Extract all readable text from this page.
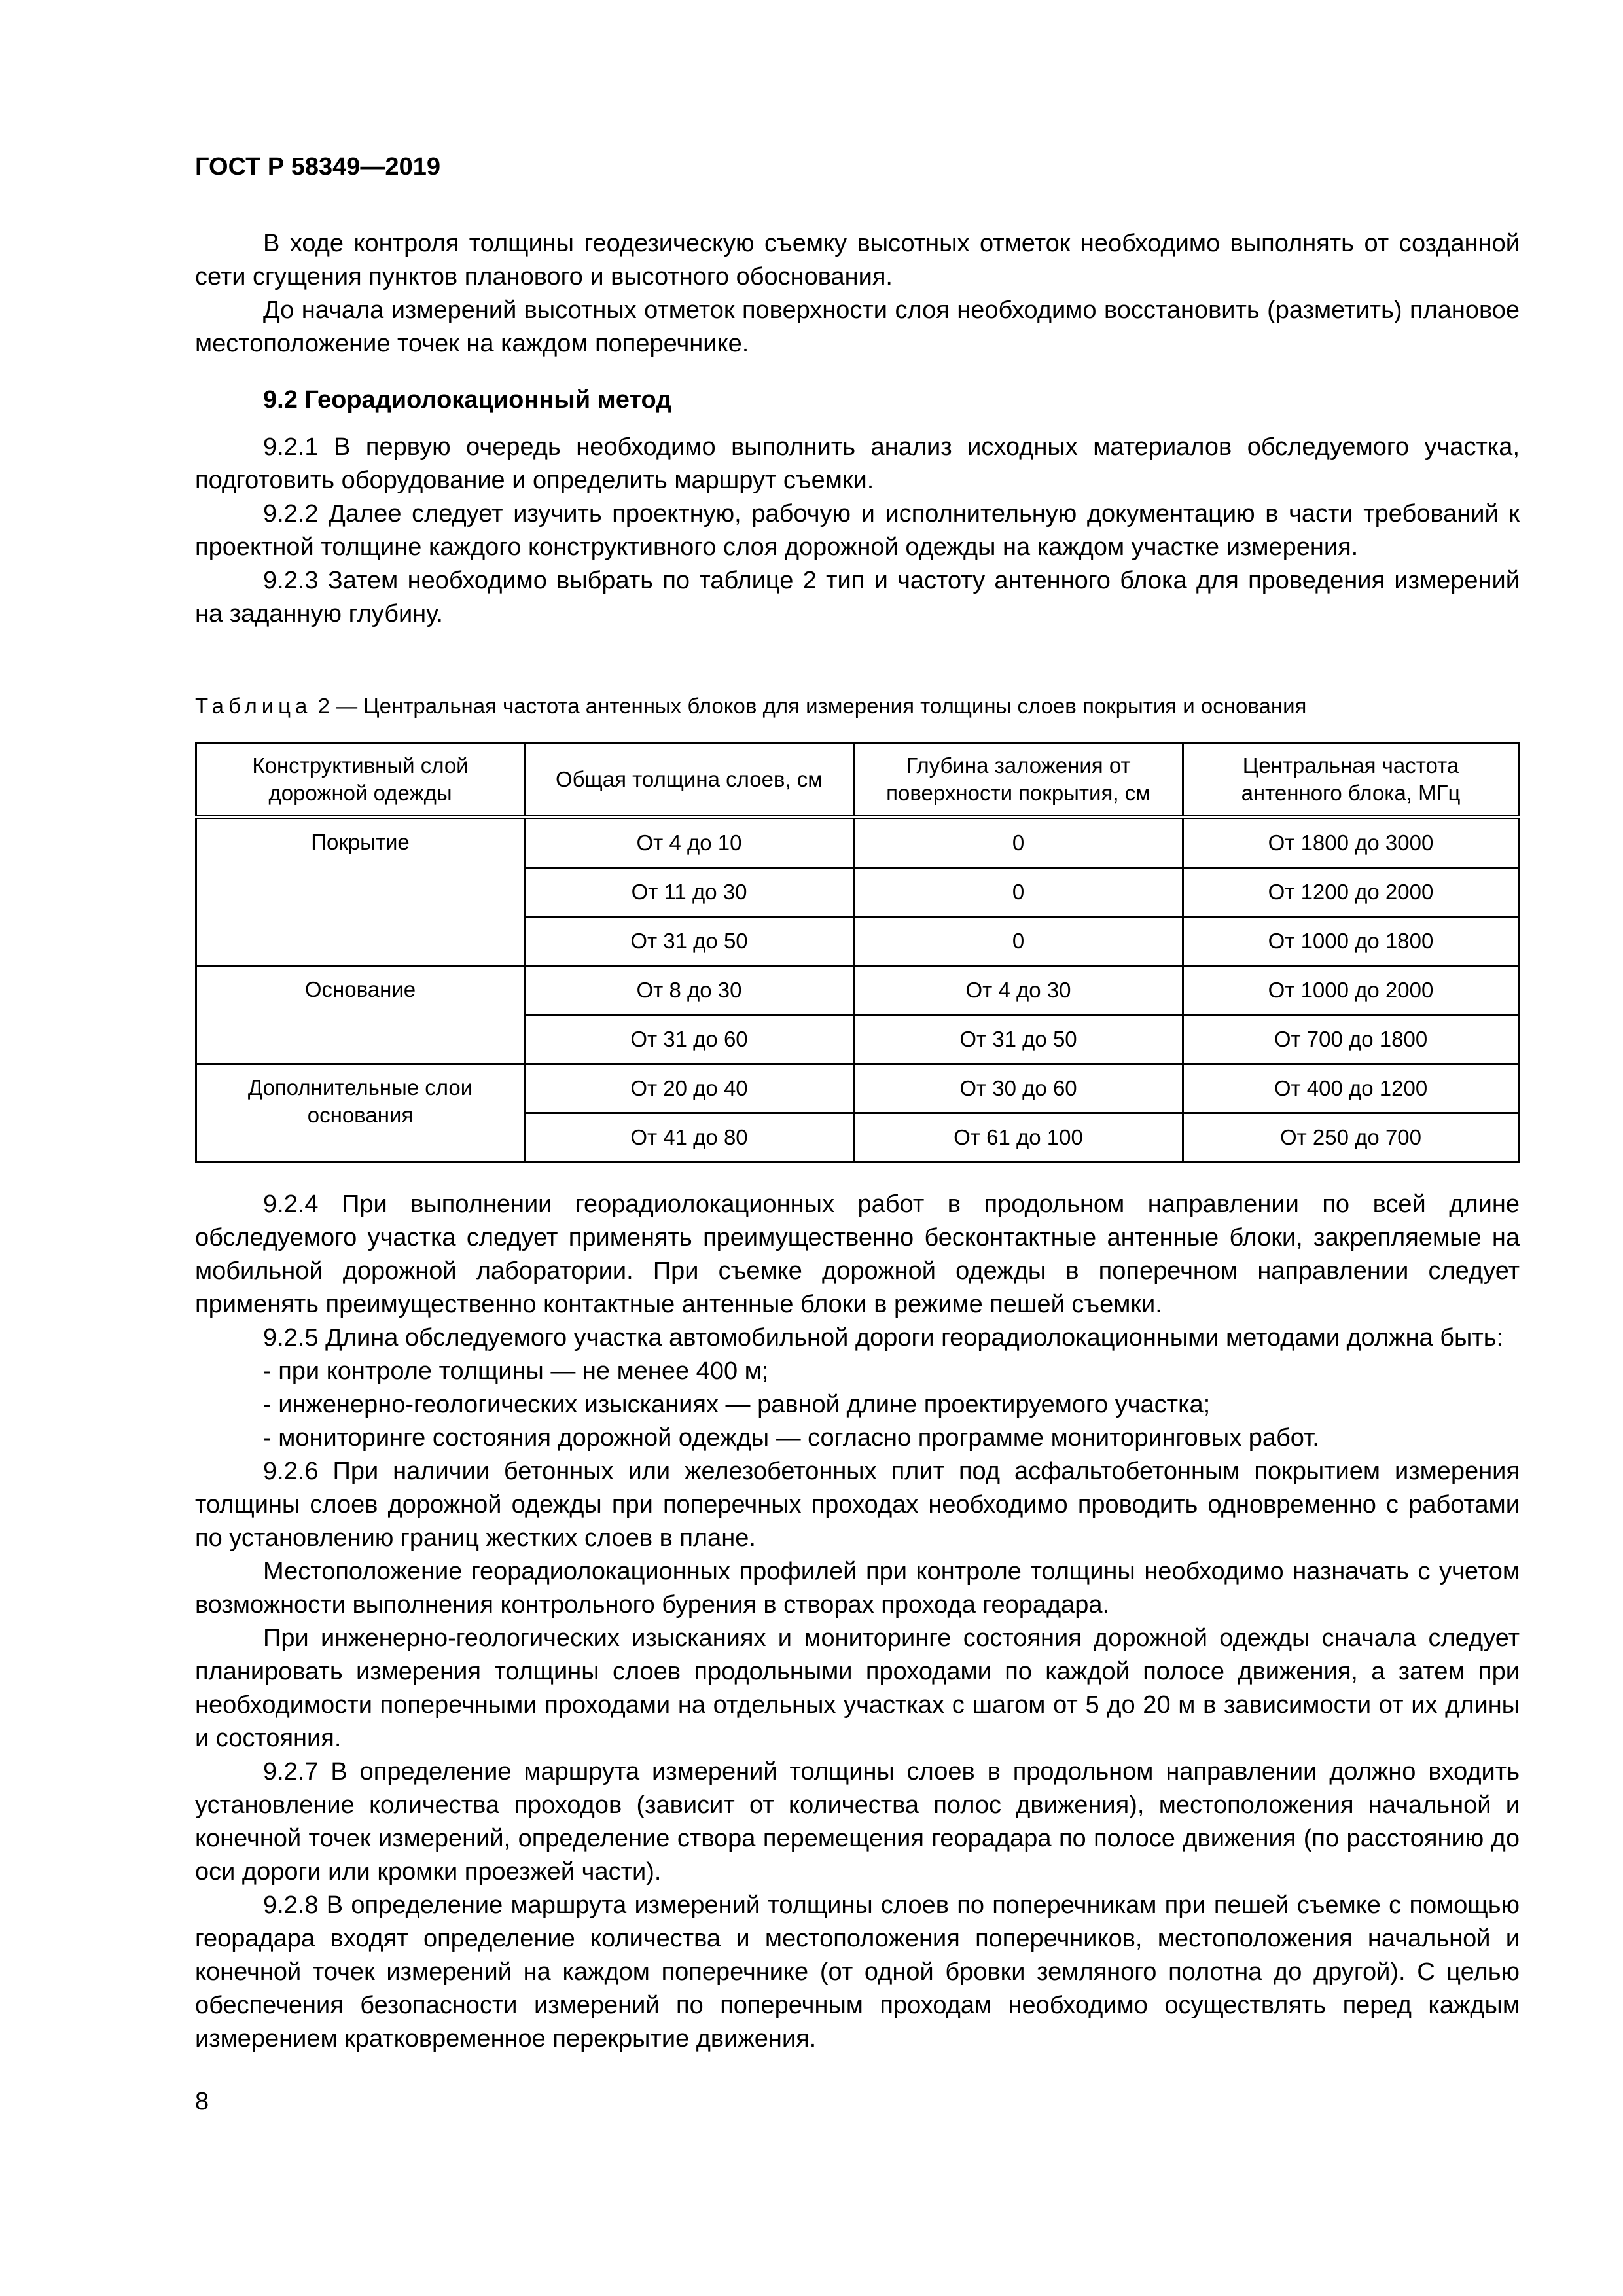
ГОСТ Р 58349—2019

В ходе контроля толщины геодезическую съемку высотных отметок необходимо выполнять от созданной сети сгущения пунктов планового и высотного обоснования.

До начала измерений высотных отметок поверхности слоя необходимо восстановить (разметить) плановое местоположение точек на каждом поперечнике.

9.2 Георадиолокационный метод

9.2.1 В первую очередь необходимо выполнить анализ исходных материалов обследуемого участка, подготовить оборудование и определить маршрут съемки.

9.2.2 Далее следует изучить проектную, рабочую и исполнительную документацию в части требований к проектной толщине каждого конструктивного слоя дорожной одежды на каждом участке измерения.

9.2.3 Затем необходимо выбрать по таблице 2 тип и частоту антенного блока для проведения измерений на заданную глубину.

Таблица 2 — Центральная частота антенных блоков для измерения толщины слоев покрытия и основания
Конструктивный слой дорожной одежды	Общая толщина слоев, см	Глубина заложения от поверхности покрытия, см	Центральная частота антенного блока, МГц
Покрытие	От 4 до 10	0	От 1800 до 3000
	От 11 до 30	0	От 1200 до 2000
	От 31 до 50	0	От 1000 до 1800
Основание	От 8 до 30	От 4 до 30	От 1000 до 2000
	От 31 до 60	От 31 до 50	От 700 до 1800
Дополнительные слои основания	От 20 до 40	От 30 до 60	От 400 до 1200
	От 41 до 80	От 61 до 100	От 250 до 700

9.2.4 При выполнении георадиолокационных работ в продольном направлении по всей длине обследуемого участка следует применять преимущественно бесконтактные антенные блоки, закрепляемые на мобильной дорожной лаборатории. При съемке дорожной одежды в поперечном направлении следует применять преимущественно контактные антенные блоки в режиме пешей съемки.

9.2.5 Длина обследуемого участка автомобильной дороги георадиолокационными методами должна быть:

- при контроле толщины — не менее 400 м;

- инженерно-геологических изысканиях — равной длине проектируемого участка;

- мониторинге состояния дорожной одежды — согласно программе мониторинговых работ.

9.2.6 При наличии бетонных или железобетонных плит под асфальтобетонным покрытием измерения толщины слоев дорожной одежды при поперечных проходах необходимо проводить одновременно с работами по установлению границ жестких слоев в плане.

Местоположение георадиолокационных профилей при контроле толщины необходимо назначать с учетом возможности выполнения контрольного бурения в створах прохода георадара.

При инженерно-геологических изысканиях и мониторинге состояния дорожной одежды сначала следует планировать измерения толщины слоев продольными проходами по каждой полосе движения, а затем при необходимости поперечными проходами на отдельных участках с шагом от 5 до 20 м в зависимости от их длины и состояния.

9.2.7 В определение маршрута измерений толщины слоев в продольном направлении должно входить установление количества проходов (зависит от количества полос движения), местоположения начальной и конечной точек измерений, определение створа перемещения георадара по полосе движения (по расстоянию до оси дороги или кромки проезжей части).

9.2.8 В определение маршрута измерений толщины слоев по поперечникам при пешей съемке с помощью георадара входят определение количества и местоположения поперечников, местоположения начальной и конечной точек измерений на каждом поперечнике (от одной бровки земляного полотна до другой). С целью обеспечения безопасности измерений по поперечным проходам необходимо осуществлять перед каждым измерением кратковременное перекрытие движения.

8
